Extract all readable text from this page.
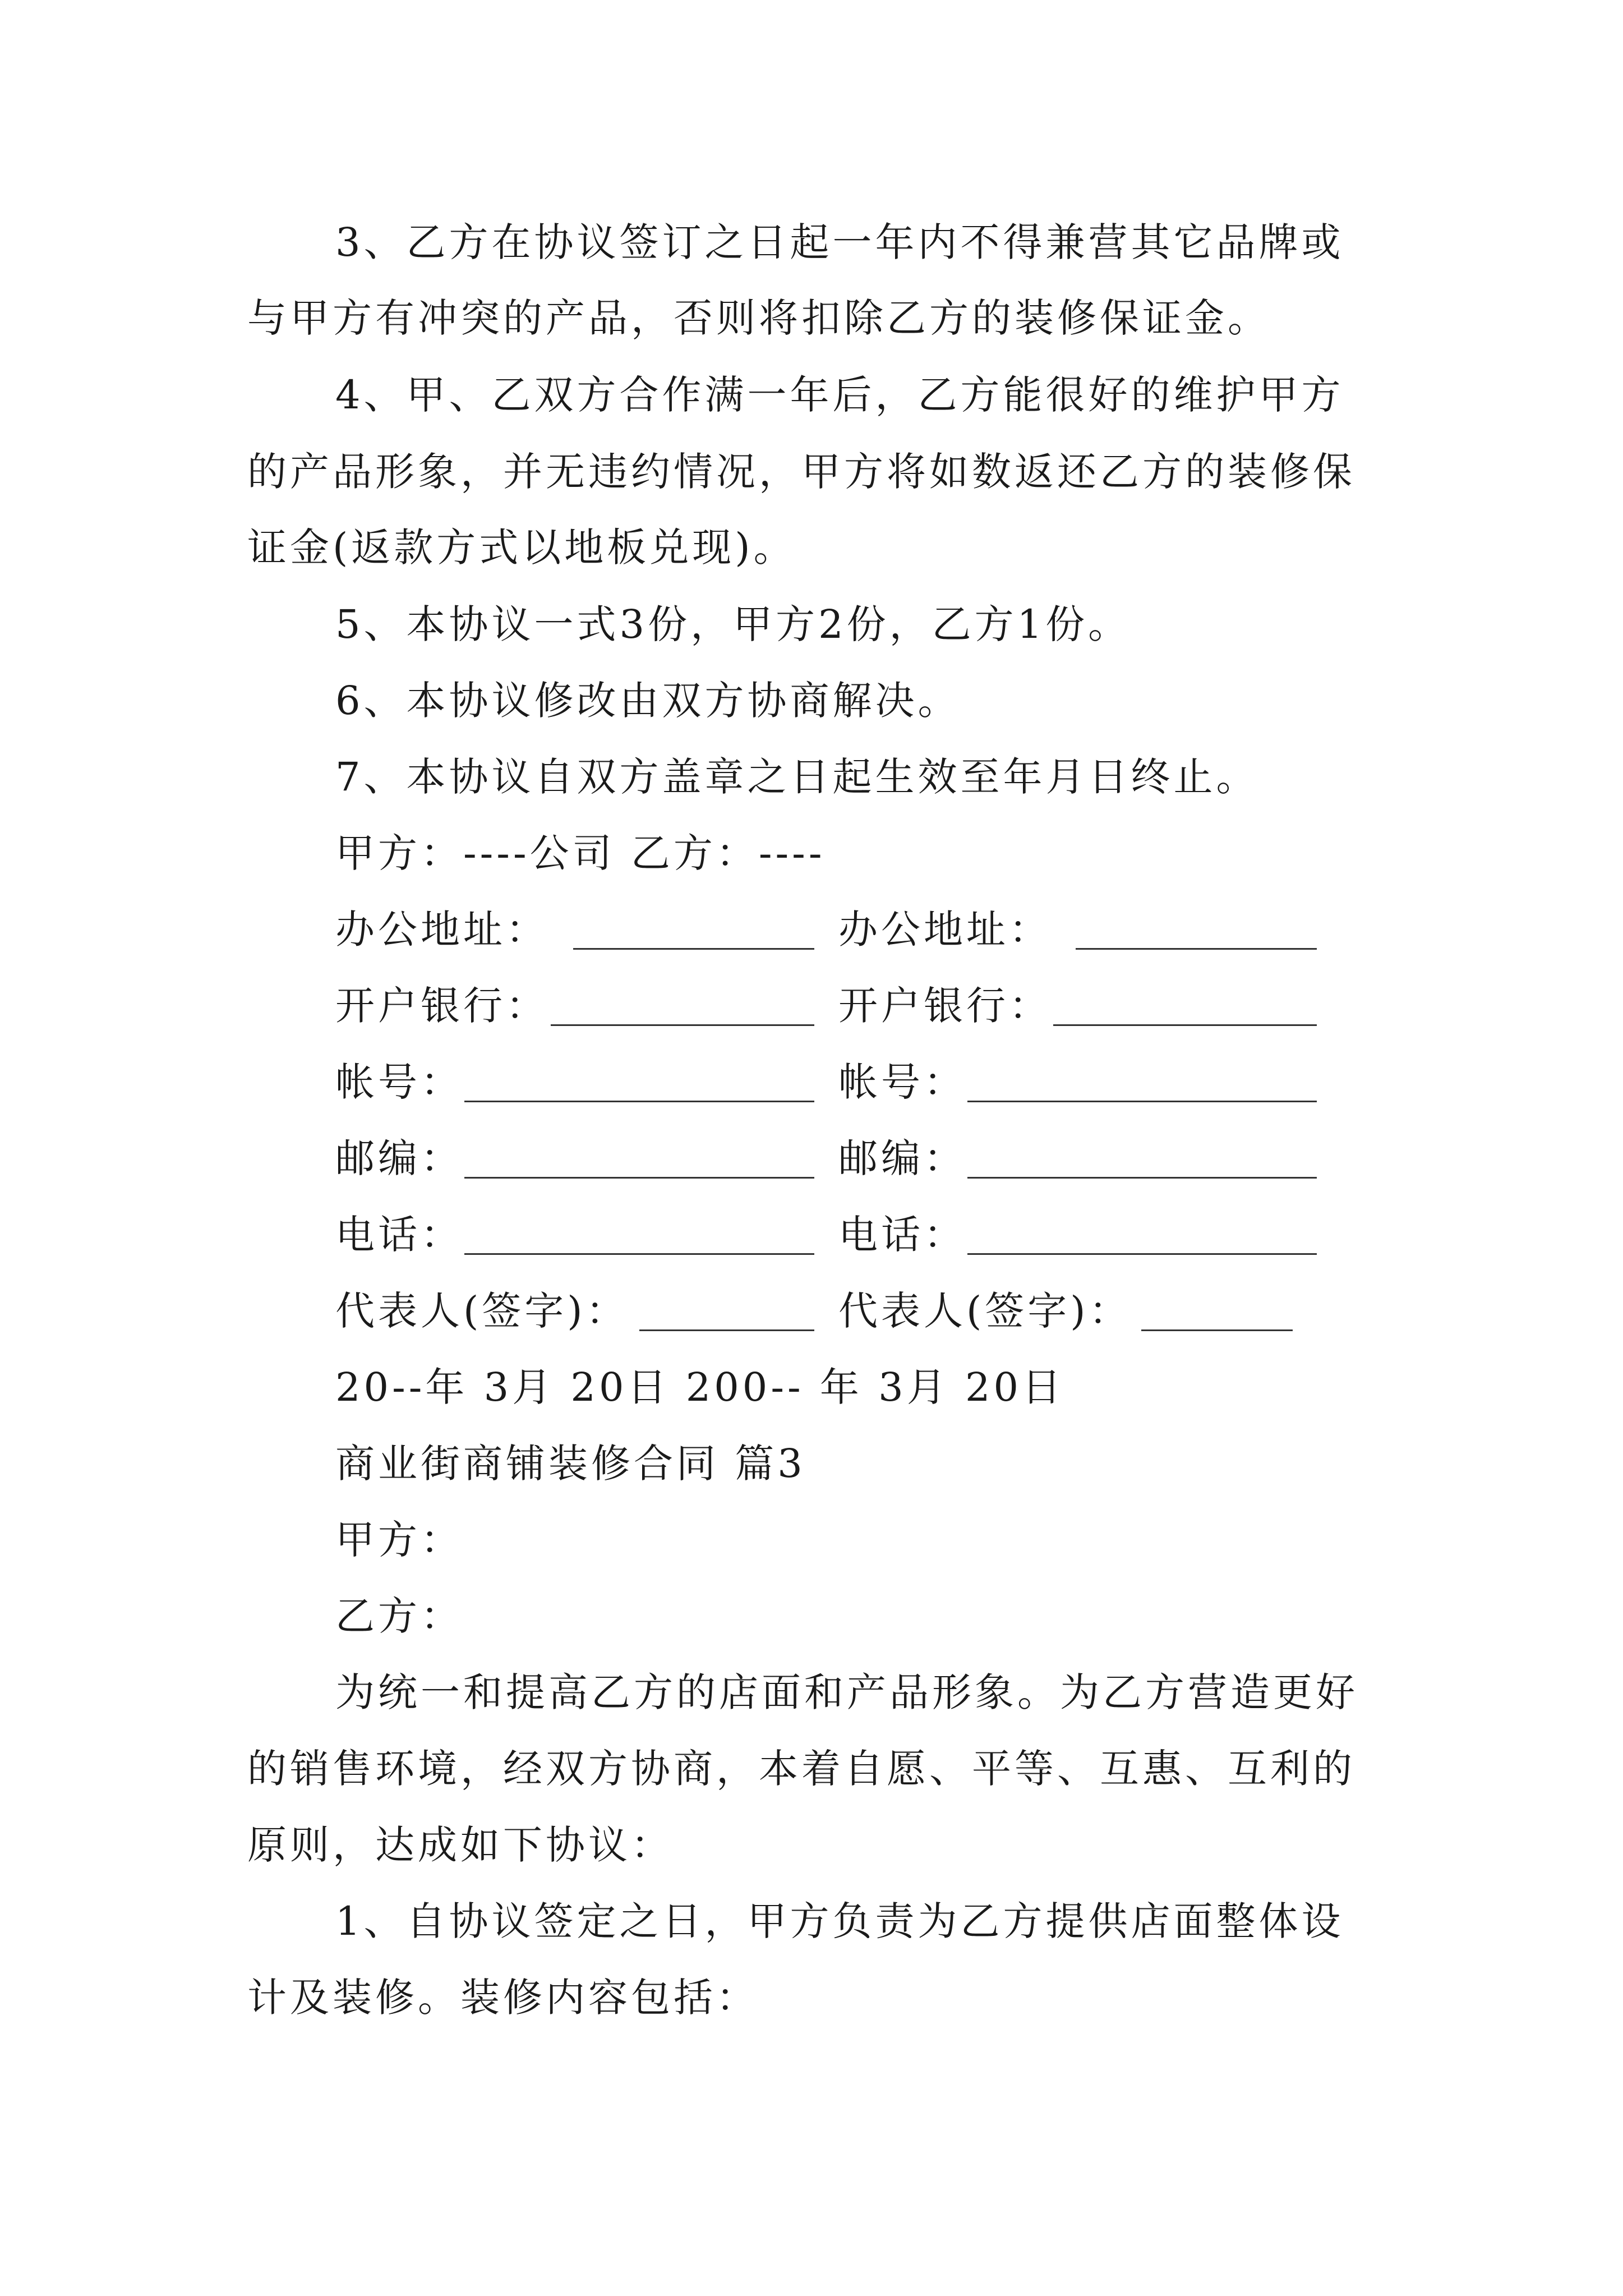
3、乙方在协议签订之日起一年内不得兼营其它品牌或
与甲方有冲突的产品，否则将扣除乙方的装修保证金。
4、甲、乙双方合作满一年后，乙方能很好的维护甲方
的产品形象，并无违约情况，甲方将如数返还乙方的装修保
证金(返款方式以地板兑现)。
5、本协议一式3份，甲方2份，乙方1份。
6、本协议修改由双方协商解决。
7、本协议自双方盖章之日起生效至年月日终止。
甲方：----公司 乙方：----
办公地址：	办公地址：
开户银行：	开户银行：
帐号：	帐号：
邮编：	邮编：
电话：	电话：
代表人(签字)：	代表人(签字)：
20--年 3月 20日 200-- 年 3月 20日
商业街商铺装修合同 篇3
甲方：
乙方：
为统一和提高乙方的店面和产品形象。为乙方营造更好
的销售环境，经双方协商，本着自愿、平等、互惠、互利的
原则，达成如下协议：
1、自协议签定之日，甲方负责为乙方提供店面整体设
计及装修。装修内容包括：
